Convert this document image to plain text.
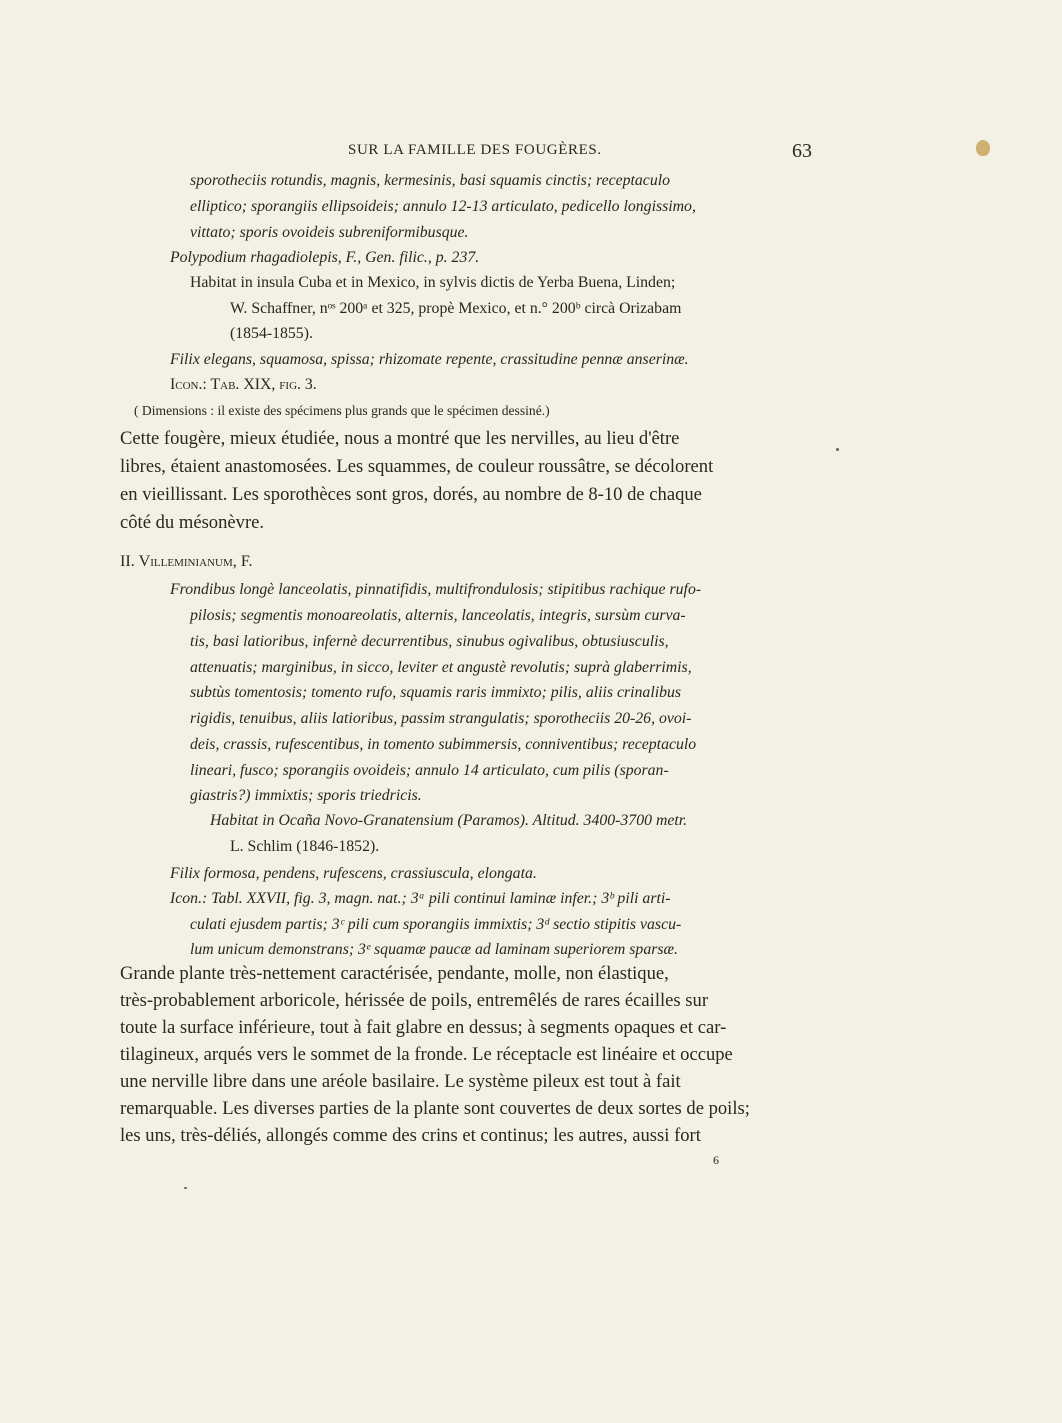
SUR LA FAMILLE DES FOUGÈRES.	63
sporotheciis rotundis, magnis, kermesinis, basi squamis cinctis; receptaculo
elliptico; sporangiis ellipsoideis; annulo 12-13 articulato, pedicello longissimo,
vittato; sporis ovoideis subreniformibusque.
Polypodium rhagadiolepis, F., Gen. filic., p. 237.
Habitat in insula Cuba et in Mexico, in sylvis dictis de Yerba Buena, Linden;
W. Schaffner, nᵒˢ 200ᵃ et 325, propè Mexico, et n.° 200ᵇ circà Orizabam
(1854-1855).
Filix elegans, squamosa, spissa; rhizomate repente, crassitudine pennæ anserinæ.
Icon.: Tab. XIX, fig. 3.
( Dimensions : il existe des spécimens plus grands que le spécimen dessiné.)
Cette fougère, mieux étudiée, nous a montré que les nervilles, au lieu d'être
libres, étaient anastomosées. Les squammes, de couleur roussâtre, se décolorent
en vieillissant. Les sporothèces sont gros, dorés, au nombre de 8-10 de chaque
côté du mésonèvre.
II. Villeminianum, F.
Frondibus longè lanceolatis, pinnatifidis, multifrondulosis; stipitibus rachique rufo-
pilosis; segmentis monoareolatis, alternis, lanceolatis, integris, sursùm curva-
tis, basi latioribus, infernè decurrentibus, sinubus ogivalibus, obtusiusculis,
attenuatis; marginibus, in sicco, leviter et angustè revolutis; suprà glaberrimis,
subtùs tomentosis; tomento rufo, squamis raris immixto; pilis, aliis crinalibus
rigidis, tenuibus, aliis latioribus, passim strangulatis; sporotheciis 20-26, ovoi-
deis, crassis, rufescentibus, in tomento subimmersis, conniventibus; receptaculo
lineari, fusco; sporangiis ovoideis; annulo 14 articulato, cum pilis (sporan-
giastris?) immixtis; sporis triedricis.
Habitat in Ocaña Novo-Granatensium (Paramos). Altitud. 3400-3700 metr.
L. Schlim (1846-1852).
Filix formosa, pendens, rufescens, crassiuscula, elongata.
Icon.: Tabl. XXVII, fig. 3, magn. nat.; 3ᵃ pili continui laminæ infer.; 3ᵇ pili arti-
culati ejusdem partis; 3ᶜ pili cum sporangiis immixtis; 3ᵈ sectio stipitis vascu-
lum unicum demonstrans; 3ᵉ squamæ paucæ ad laminam superiorem sparsæ.
Grande plante très-nettement caractérisée, pendante, molle, non élastique,
très-probablement arboricole, hérissée de poils, entremêlés de rares écailles sur
toute la surface inférieure, tout à fait glabre en dessus; à segments opaques et car-
tilagineux, arqués vers le sommet de la fronde. Le réceptacle est linéaire et occupe
une nerville libre dans une aréole basilaire. Le système pileux est tout à fait
remarquable. Les diverses parties de la plante sont couvertes de deux sortes de poils;
les uns, très-déliés, allongés comme des crins et continus; les autres, aussi fort
6
